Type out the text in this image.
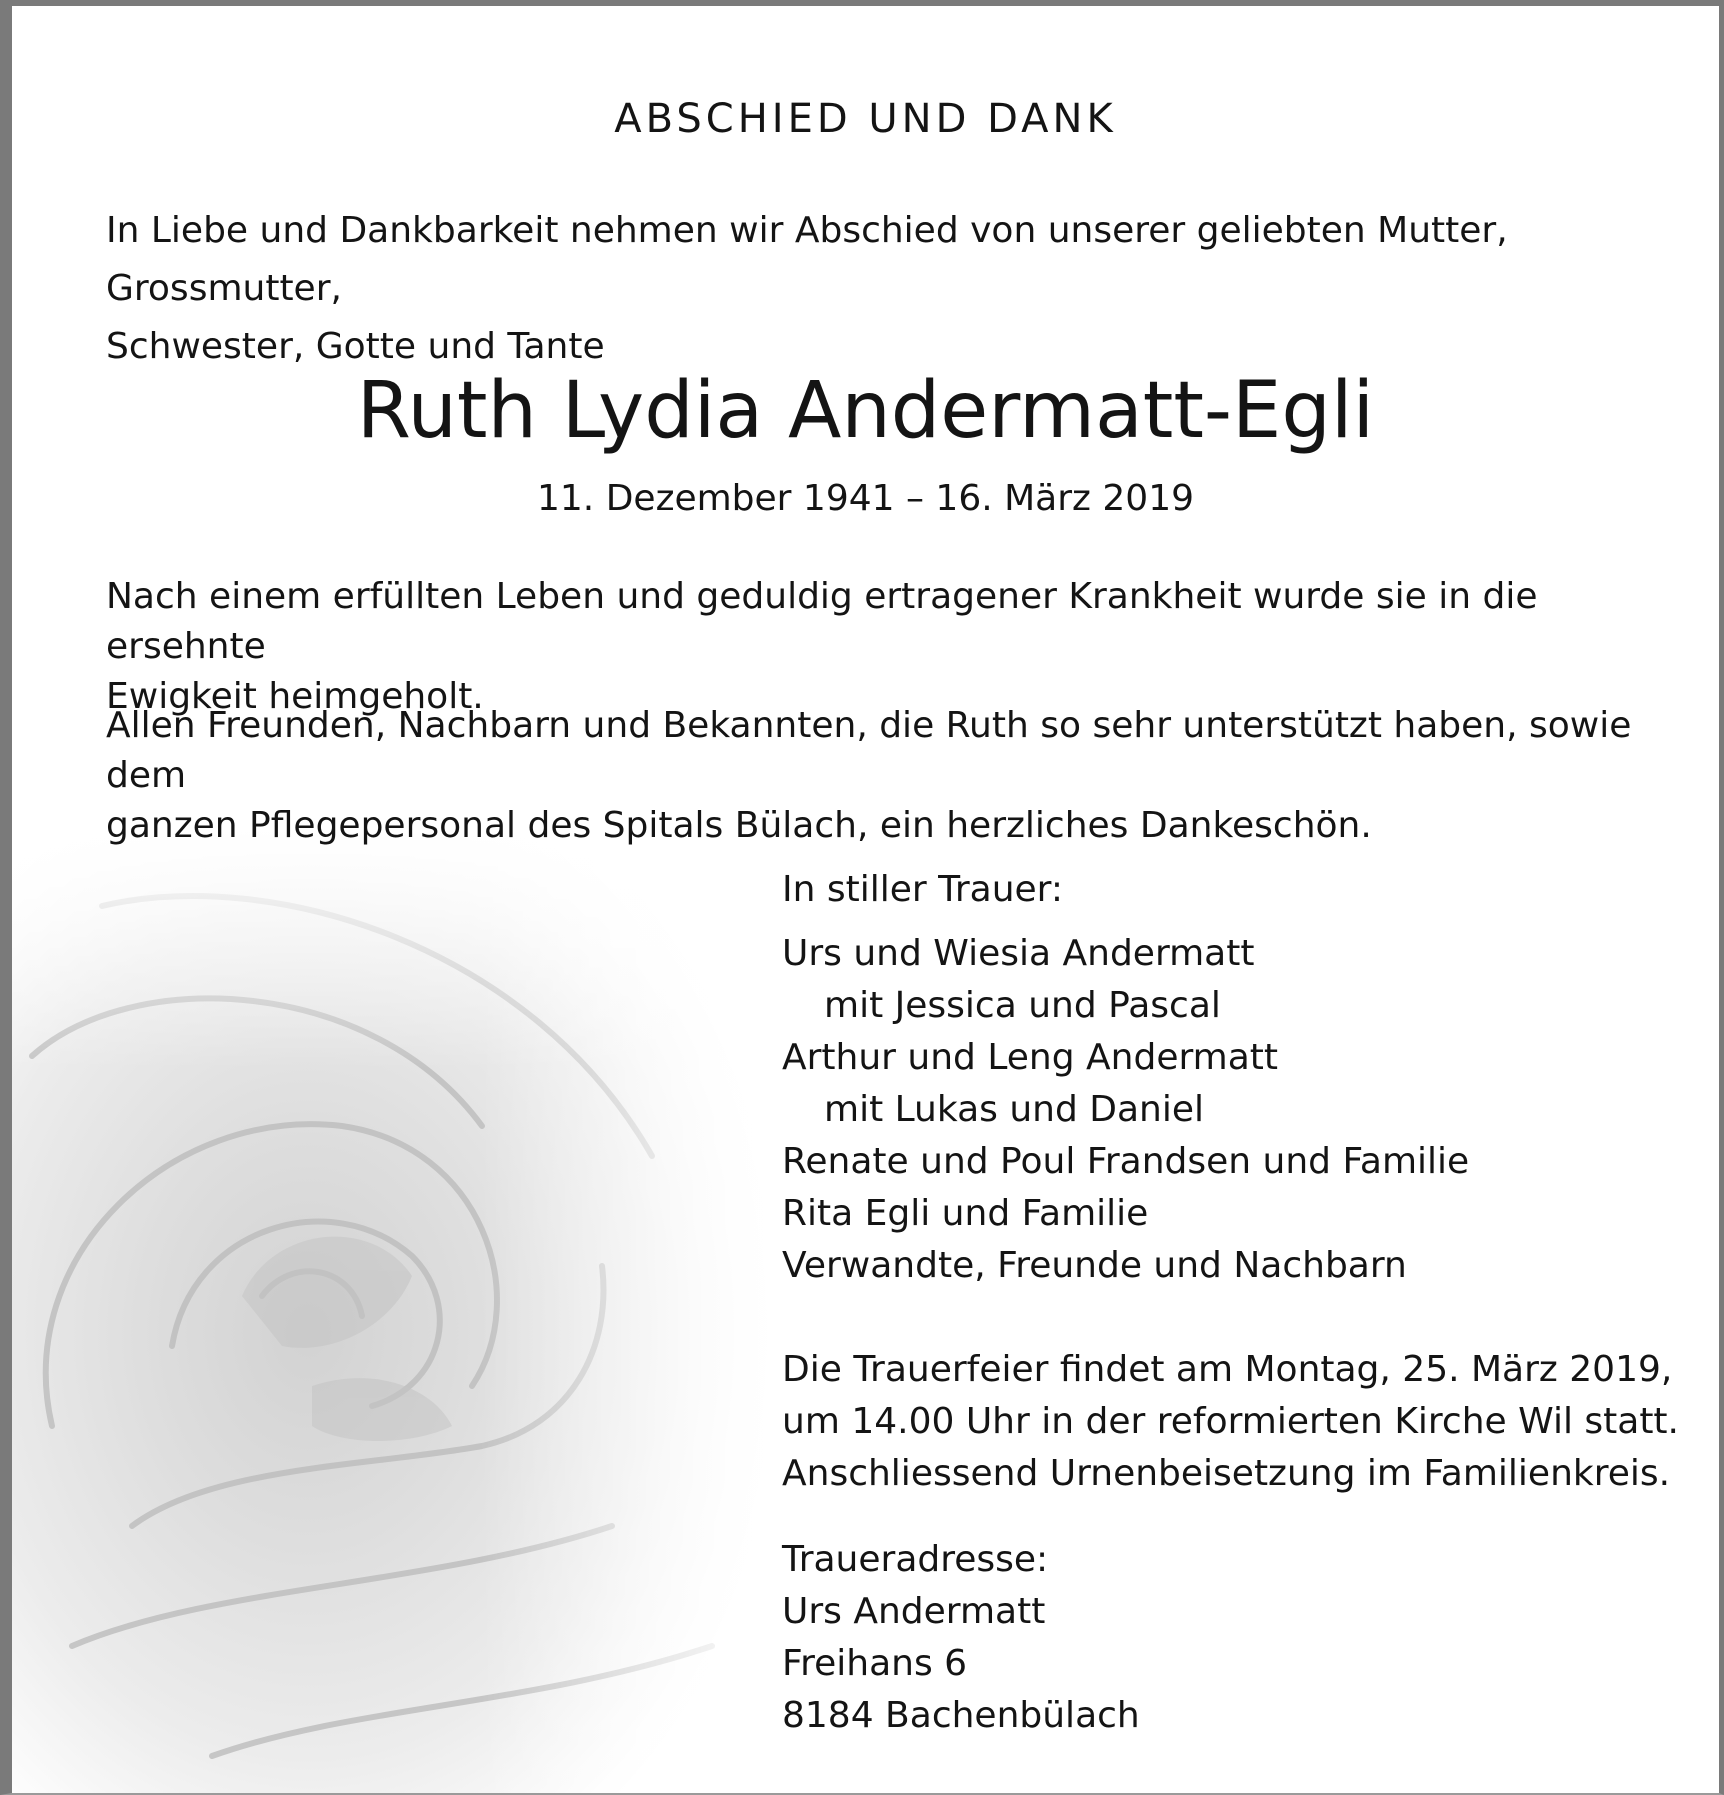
ABSCHIED UND DANK
In Liebe und Dankbarkeit nehmen wir Abschied von unserer geliebten Mutter, Grossmutter,
Schwester, Gotte und Tante
Ruth Lydia Andermatt-Egli
11. Dezember 1941 – 16. März 2019
Nach einem erfüllten Leben und geduldig ertragener Krankheit wurde sie in die ersehnte
Ewigkeit heimgeholt.
Allen Freunden, Nachbarn und Bekannten, die Ruth so sehr unterstützt haben, sowie dem
ganzen Pflegepersonal des Spitals Bülach, ein herzliches Dankeschön.
In stiller Trauer:
Urs und Wiesia Andermatt
mit Jessica und Pascal
Arthur und Leng Andermatt
mit Lukas und Daniel
Renate und Poul Frandsen und Familie
Rita Egli und Familie
Verwandte, Freunde und Nachbarn
Die Trauerfeier findet am Montag, 25. März 2019,
um 14.00 Uhr in der reformierten Kirche Wil statt.
Anschliessend Urnenbeisetzung im Familienkreis.
Traueradresse:
Urs Andermatt
Freihans 6
8184 Bachenbülach
